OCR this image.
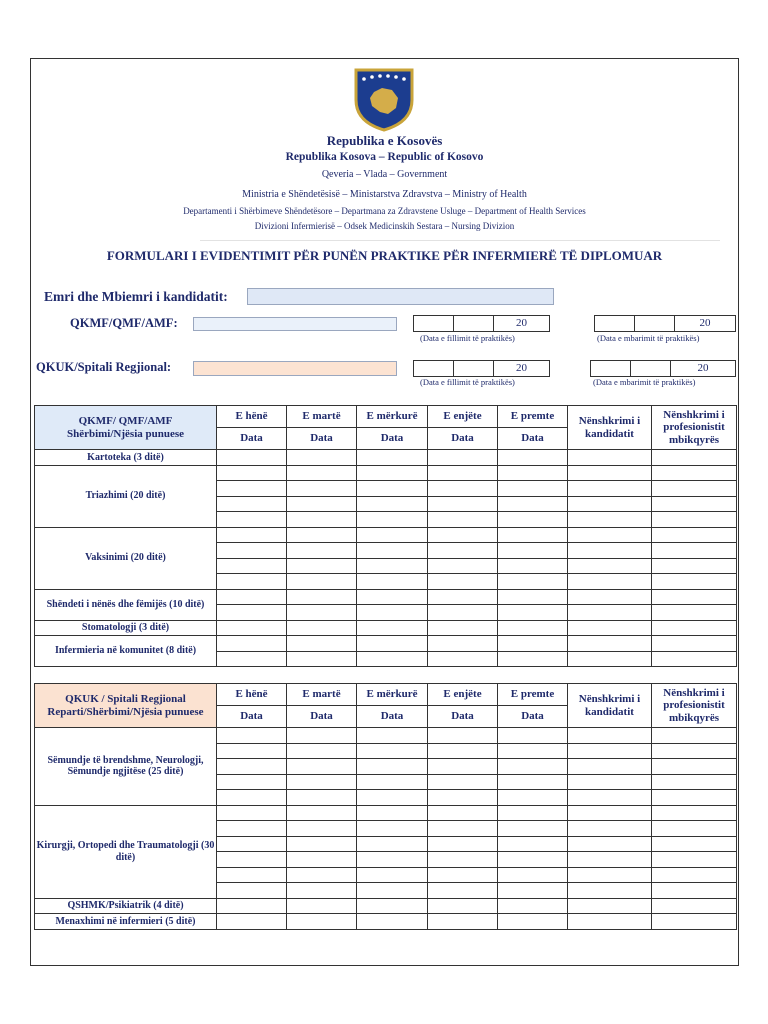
Republika e Kosovës
Republika Kosova – Republic of Kosovo
Qeveria – Vlada – Government
Ministria e Shëndetësisë – Ministarstva Zdravstva – Ministry of Health
Departamenti i Shërbimeve Shëndetësore – Departmana za Zdravstene Usluge – Department of Health Services
Divizioni Infermierisë – Odsek Medicinskih Sestara – Nursing Divizion
FORMULARI I EVIDENTIMIT PËR PUNËN PRAKTIKE PËR INFERMIERË TË DIPLOMUAR
Emri dhe Mbiemri i kandidatit:
QKMF/QMF/AMF:	20
(Data e fillimit të praktikës)
20
(Data e mbarimit të praktikës)
QKUK/Spitali Regjional:	20
(Data e fillimit të praktikës)
20
(Data e mbarimit të praktikës)
QKMF/ QMF/AMF
Shërbimi/Njësia punuese	E hënë	E martë	E mërkurë	E enjëte	E premte	Nënshkrimi i kandidatit	Nënshkrimi i profesionistit mbikqyrës
	Data	Data	Data	Data	Data		
Kartoteka (3 ditë)							
Triazhimi (20 ditë)							

Vaksinimi (20 ditë)							

Shëndeti i nënës dhe fëmijës (10 ditë)							

Stomatologji (3 ditë)							
Infermieria në komunitet (8 ditë)							

QKUK / Spitali Regjional
Reparti/Shërbimi/Njësia punuese	E hënë	E martë	E mërkurë	E enjëte	E premte	Nënshkrimi i kandidatit	Nënshkrimi i profesionistit mbikqyrës
	Data	Data	Data	Data	Data		
Sëmundje të brendshme, Neurologji, Sëmundje ngjitëse (25 ditë)							

Kirurgji, Ortopedi dhe Traumatologji (30 ditë)							

QSHMK/Psikiatrik (4 ditë)							
Menaxhimi në infermieri (5 ditë)							
